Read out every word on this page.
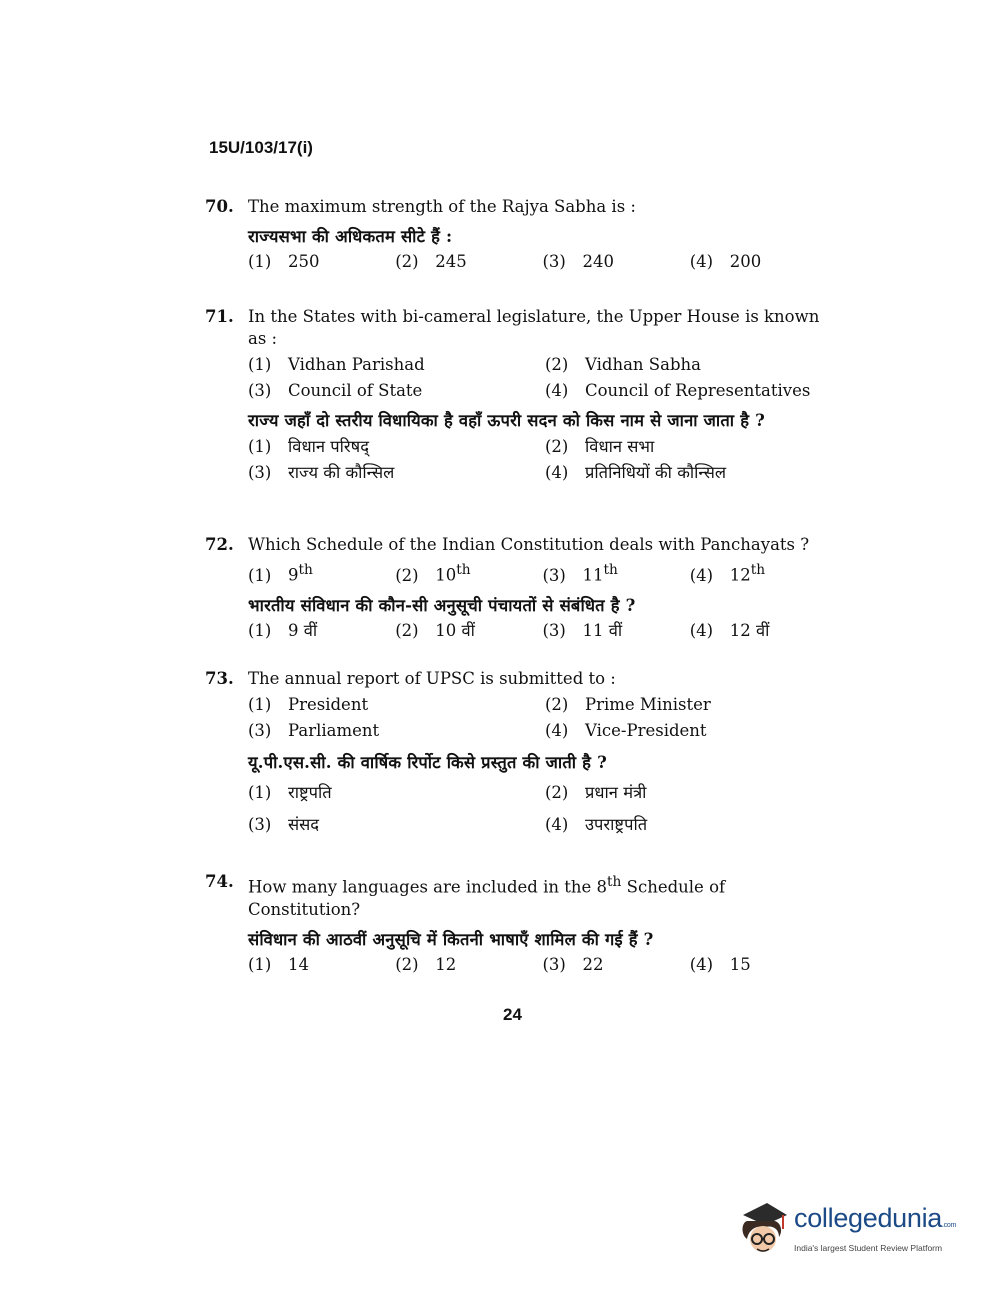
15U/103/17(i)
70. The maximum strength of the Rajya Sabha is :
राज्यसभा की अधिकतम सीटे हैं :
(1) 250	(2) 245	(3) 240	(4) 200
71. In the States with bi-cameral legislature, the Upper House is known as :
(1) Vidhan Parishad	(2) Vidhan Sabha
(3) Council of State	(4) Council of Representatives
राज्य जहाँ दो स्तरीय विधायिका है वहाँ ऊपरी सदन को किस नाम से जाना जाता है ?
(1) विधान परिषद्	(2) विधान सभा
(3) राज्य की कौन्सिल	(4) प्रतिनिधियों की कौन्सिल
72. Which Schedule of the Indian Constitution deals with Panchayats ?
(1) 9th	(2) 10th	(3) 11th	(4) 12th
भारतीय संविधान की कौन-सी अनुसूची पंचायतों से संबंधित है ?
(1) 9 वीं	(2) 10 वीं	(3) 11 वीं	(4) 12 वीं
73. The annual report of UPSC is submitted to :
(1) President	(2) Prime Minister
(3) Parliament	(4) Vice-President
यू.पी.एस.सी. की वार्षिक रिर्पोट किसे प्रस्तुत की जाती है ?
(1) राष्ट्रपति	(2) प्रधान मंत्री
(3) संसद	(4) उपराष्ट्रपति
74. How many languages are included in the 8th Schedule of Constitution?
संविधान की आठवीं अनुसूचि में कितनी भाषाएँ शामिल की गई हैं ?
(1) 14	(2) 12	(3) 22	(4) 15
24
collegedunia.com
India's largest Student Review Platform
